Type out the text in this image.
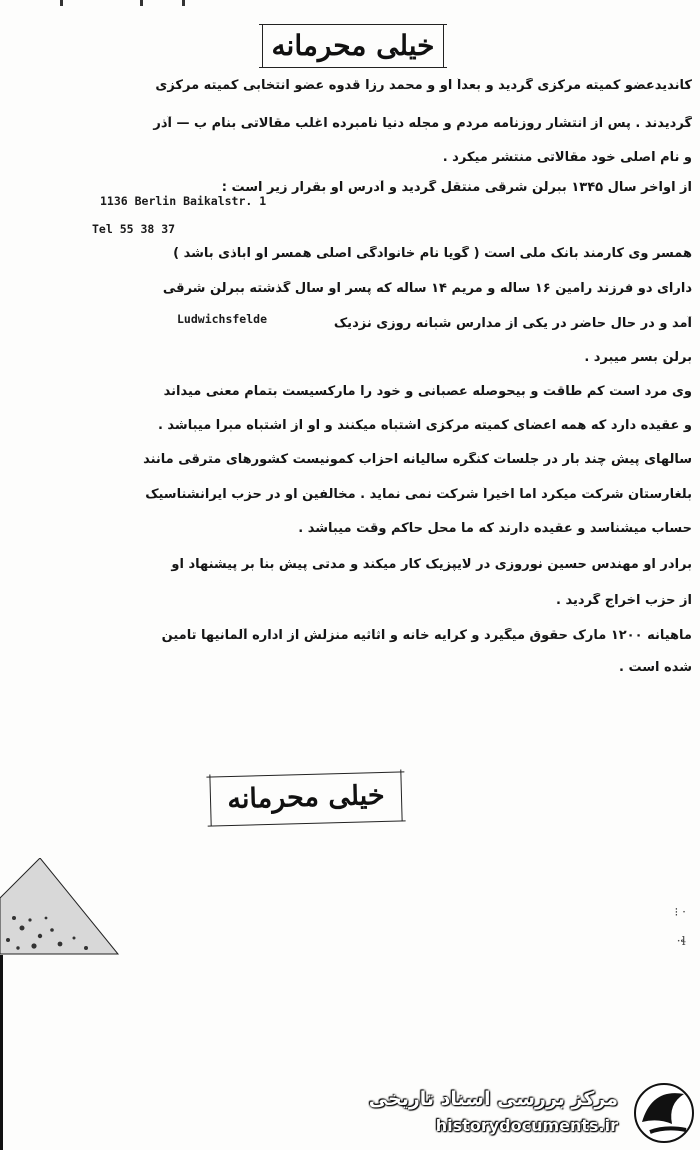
خیلی محرمانه
کاندیدعضو کمیته مرکزی گردید و بعداً او و محمد رزا قدوه عضو انتخابی کمیته مرکزی
گردیدند . پس از انتشار روزنامه مردم و مجله دنیا نامبرده اغلب مقالاتی بنام ب — آذر
و نام اصلی خود مقالاتی منتشر میکرد .
از اواخر سال ۱۳۴۵ ببرلن شرقی منتقل گردید و آدرس او بقرار زیر است :
1136 Berlin Baikalstr. 1
Tel 55 38 37
همسر وی کارمند بانک ملی است ( گویا نام خانوادگی اصلی همسر او اباذی باشد )
دارای دو فرزند رامین ۱۶ ساله و مریم ۱۴ ساله که پسر او سال گذشته ببرلن شرقی
آمد و در حال حاضر در یکی از مدارس شبانه روزی نزدیک
Ludwichsfelde
برلن بسر میبرد .
وی مرد است کم طاقت و بیحوصله عصبانی و خود را مارکسیست بتمام معنی میداند
و عقیده دارد که همه اعضای کمیته مرکزی اشتباه میکنند و او از اشتباه مبرا میباشد .
سالهای پیش چند بار در جلسات کنگره سالیانه احزاب کمونیست کشورهای مترقی مانند
بلغارستان شرکت میکرد اما اخیراً شرکت نمی نماید . مخالفین او در حزب ایرانشناسیک
حساب میشناسد و عقیده دارند که ما محل حاکم وقت میباشد .
برادر او مهندس حسین نوروزی در لایپزیک کار میکند و مدتی پیش بنا بر پیشنهاد او
از حزب اخراج گردید .
ماهیانه ۱۲۰۰ مارک حقوق میگیرد و کرایه خانه و اثاثیه منزلش از اداره آلمانیها تامین
شده است .
خیلی محرمانه
⁝ ·
·ɬ
مرکز بررسی اسناد تاریخی
historydocuments.ir
